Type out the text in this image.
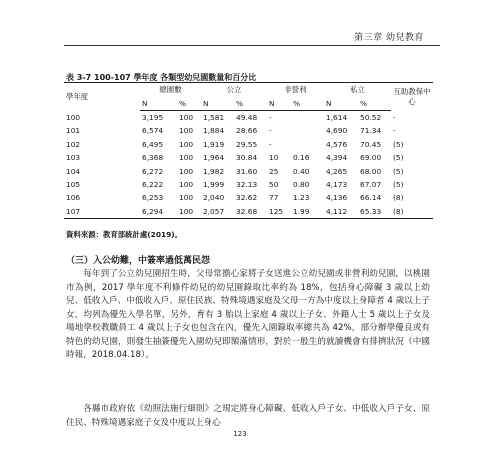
第三章 幼兒教育
表 3-7 100-107 學年度 各類型幼兒園數量和百分比
學年度	總園數		公立		非營利		私立		互助教保中心
	N	%	N	%	N	%	N	%	
100	3,195	100	1,581	49.48	-		1,614	50.52	-
101	6,574	100	1,884	28.66	-		4,690	71.34	-
102	6,495	100	1,919	29.55	-		4,576	70.45	(5)
103	6,368	100	1,964	30.84	10	0.16	4,394	69.00	(5)
104	6,272	100	1,982	31.60	25	0.40	4,265	68.00	(5)
105	6,222	100	1,999	32.13	50	0.80	4,173	67.07	(5)
106	6,253	100	2,040	32.62	77	1.23	4,136	66.14	(8)
107	6,294	100	2,057	32.68	125	1.99	4,112	65.33	(8)
資料來源：教育部統計處(2019)。
（三）入公幼難，中簽率過低萬民怨

每年到了公立幼兒園招生時，父母常擔心家將子女送進公立幼兒園或非營利幼兒園，以桃園市為例，2017 學年度不利條件幼兒的幼兒園錄取比率約為 18%，包括身心障礙 3 歲以上幼兒、低收入戶、中低收入戶、原住民族、特殊境遇家庭及父母一方為中度以上身障者 4 歲以上子女，均列為優先入學名單，另外，育有 3 胎以上家庭 4 歲以上子女、外籍人士 5 歲以上子女及場地學校教職員工 4 歲以上子女也包含在內，優先入園錄取率總共為 42%，部分辦學優良或有特色的幼兒園，則發生抽簽優先入園幼兒即額滿情形，對於一般生的就讀機會有排擠狀況（中國時報，2018.04.18）。

各縣市政府依《幼照法施行細則》之規定將身心障礙、低收入戶子女、中低收入戶子女、原住民、特殊境遇家庭子女及中度以上身心

123
